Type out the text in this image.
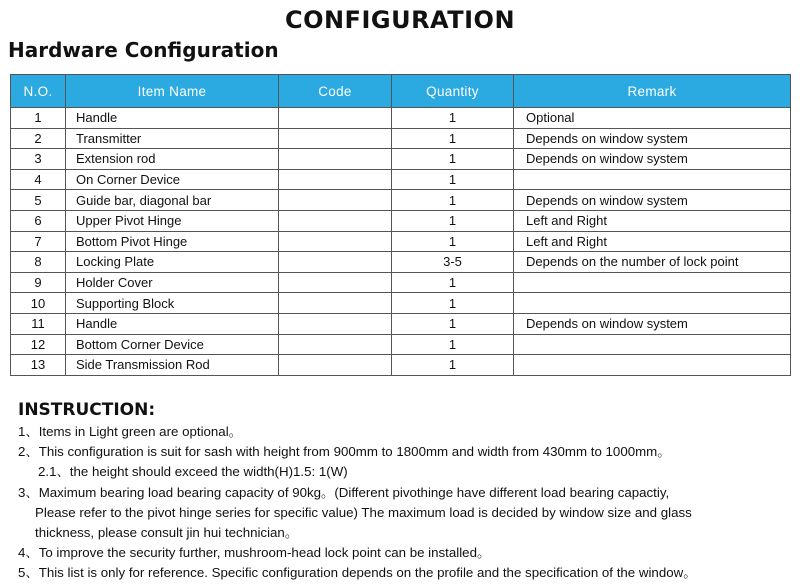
CONFIGURATION
Hardware Configuration
N.O.	Item Name	Code	Quantity	Remark
1	Handle		1	Optional
2	Transmitter		1	Depends on window system
3	Extension rod		1	Depends on window system
4	On Corner Device		1	
5	Guide bar, diagonal bar		1	Depends on window system
6	Upper Pivot Hinge		1	Left and Right
7	Bottom Pivot Hinge		1	Left and Right
8	Locking Plate		3-5	Depends on the number of lock point
9	Holder Cover		1	
10	Supporting Block		1	
11	Handle		1	Depends on window system
12	Bottom Corner Device		1	
13	Side Transmission Rod		1	
INSTRUCTION:
1、Items in Light green are optional。
2、This configuration is suit for sash with height from 900mm to 1800mm and width from 430mm to 1000mm。
2.1、the height should exceed the width(H)1.5: 1(W)
3、Maximum bearing load bearing capacity of 90kg。(Different pivothinge have different load bearing capactiy,
Please refer to the pivot hinge series for specific value) The maximum load is decided by window size and glass
thickness, please consult jin hui technician。
4、To improve the security further, mushroom-head lock point can be installed。
5、This list is only for reference. Specific configuration depends on the profile and the specification of the window。
